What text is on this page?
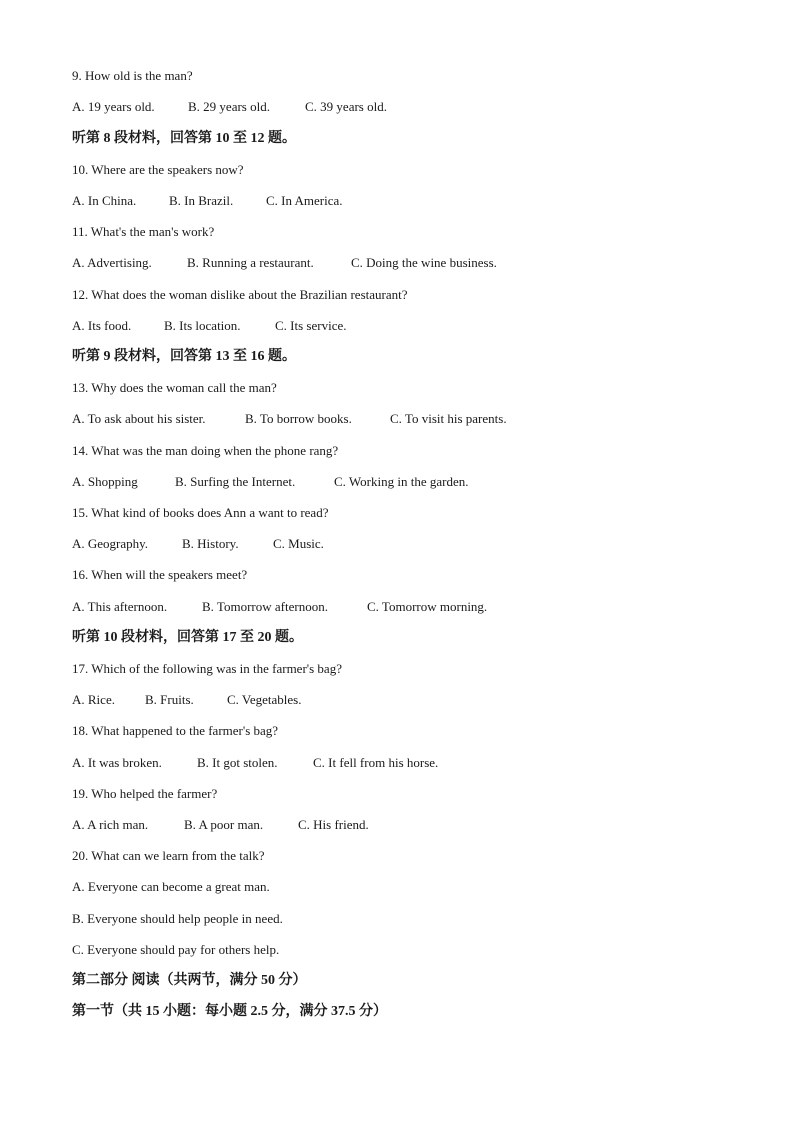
9. How old is the man?
A. 19 years old.	B. 29 years old.	C. 39 years old.
听第 8 段材料，回答第 10 至 12 题。
10. Where are the speakers now?
A. In China.	B. In Brazil.	C. In America.
11. What's the man's work?
A. Advertising.	B. Running a restaurant.	C. Doing the wine business.
12. What does the woman dislike about the Brazilian restaurant?
A. Its food.	B. Its location.	C. Its service.
听第 9 段材料，回答第 13 至 16 题。
13. Why does the woman call the man?
A. To ask about his sister.	B. To borrow books.	C. To visit his parents.
14. What was the man doing when the phone rang?
A. Shopping	B. Surfing the Internet.	C. Working in the garden.
15. What kind of books does Ann a want to read?
A. Geography.	B. History.	C. Music.
16. When will the speakers meet?
A. This afternoon.	B. Tomorrow afternoon.	C. Tomorrow morning.
听第 10 段材料，回答第 17 至 20 题。
17. Which of the following was in the farmer's bag?
A. Rice.	B. Fruits.	C. Vegetables.
18. What happened to the farmer's bag?
A. It was broken.	B. It got stolen.	C. It fell from his horse.
19. Who helped the farmer?
A. A rich man.	B. A poor man.	C. His friend.
20. What can we learn from the talk?
A. Everyone can become a great man.
B. Everyone should help people in need.
C. Everyone should pay for others help.
第二部分 阅读（共两节，满分 50 分）
第一节（共 15 小题：每小题 2.5 分，满分 37.5 分）
